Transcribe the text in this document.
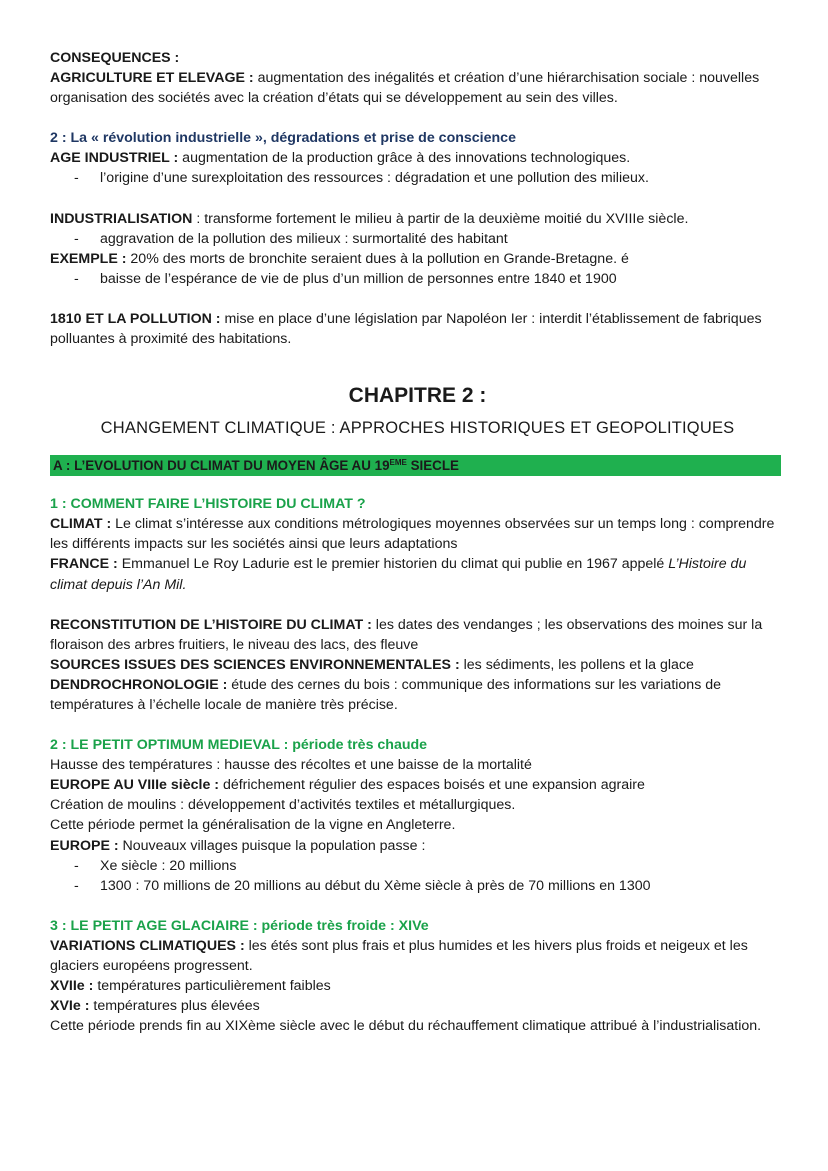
CONSEQUENCES :

AGRICULTURE ET ELEVAGE : augmentation des inégalités et création d’une hiérarchisation sociale : nouvelles organisation des sociétés avec la création d’états qui se développement au sein des villes.

2 : La « révolution industrielle », dégradations et prise de conscience

AGE INDUSTRIEL : augmentation de la production grâce à des innovations technologiques.

- l’origine d’une surexploitation des ressources : dégradation et une pollution des milieux.

INDUSTRIALISATION : transforme fortement le milieu à partir de la deuxième moitié du XVIIIe siècle.

- aggravation de la pollution des milieux : surmortalité des habitant

EXEMPLE : 20% des morts de bronchite seraient dues à la pollution en Grande-Bretagne. é

- baisse de l’espérance de vie de plus d’un million de personnes entre 1840 et 1900

1810 ET LA POLLUTION : mise en place d’une législation par Napoléon Ier : interdit l’établissement de fabriques polluantes à proximité des habitations.

CHAPITRE 2 :

CHANGEMENT CLIMATIQUE : APPROCHES HISTORIQUES ET GEOPOLITIQUES

A : L’EVOLUTION DU CLIMAT DU MOYEN ÂGE AU 19EME SIECLE

1 : COMMENT FAIRE L’HISTOIRE DU CLIMAT ?

CLIMAT : Le climat s’intéresse aux conditions métrologiques moyennes observées sur un temps long : comprendre les différents impacts sur les sociétés ainsi que leurs adaptations

FRANCE : Emmanuel Le Roy Ladurie est le premier historien du climat qui publie en 1967 appelé L’Histoire du climat depuis l’An Mil.

RECONSTITUTION DE L’HISTOIRE DU CLIMAT : les dates des vendanges ; les observations des moines sur la floraison des arbres fruitiers, le niveau des lacs, des fleuve

SOURCES ISSUES DES SCIENCES ENVIRONNEMENTALES : les sédiments, les pollens et la glace

DENDROCHRONOLOGIE : étude des cernes du bois : communique des informations sur les variations de températures à l’échelle locale de manière très précise.

2 : LE PETIT OPTIMUM MEDIEVAL : période très chaude

Hausse des températures : hausse des récoltes et une baisse de la mortalité

EUROPE AU VIIIe siècle : défrichement régulier des espaces boisés et une expansion agraire

Création de moulins : développement d’activités textiles et métallurgiques.

Cette période permet la généralisation de la vigne en Angleterre.

EUROPE : Nouveaux villages puisque la population passe :

- Xe siècle : 20 millions

- 1300 : 70 millions de 20 millions au début du Xème siècle à près de 70 millions en 1300

3 : LE PETIT AGE GLACIAIRE : période très froide : XIVe

VARIATIONS CLIMATIQUES : les étés sont plus frais et plus humides et les hivers plus froids et neigeux et les glaciers européens progressent.

XVIIe : températures particulièrement faibles

XVIe : températures plus élevées

Cette période prends fin au XIXème siècle avec le début du réchauffement climatique attribué à l’industrialisation.
